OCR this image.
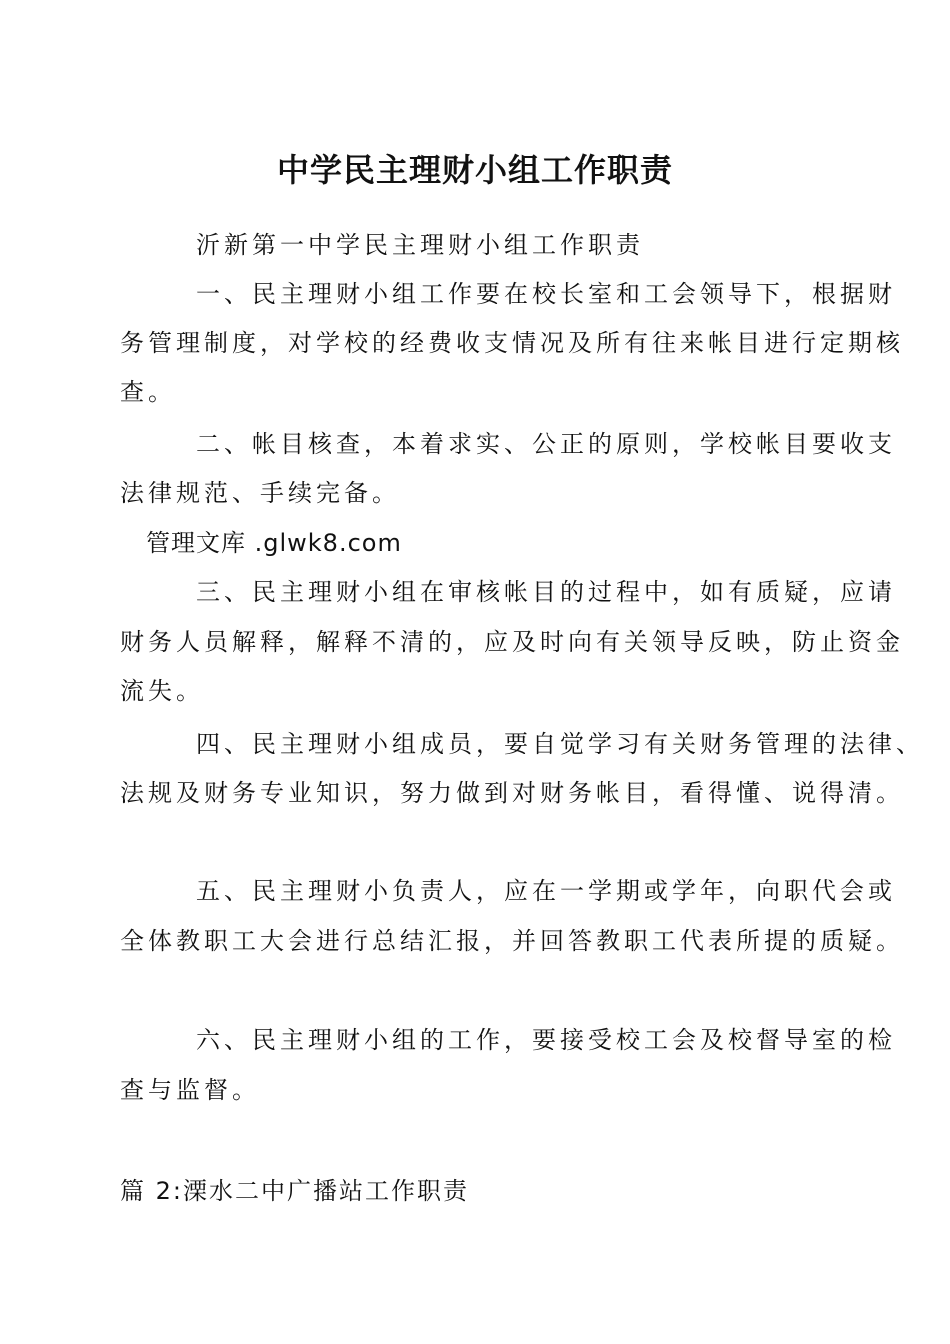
中学民主理财小组工作职责

沂新第一中学民主理财小组工作职责

一、民主理财小组工作要在校长室和工会领导下，根据财

务管理制度，对学校的经费收支情况及所有往来帐目进行定期核

查。

二、帐目核查，本着求实、公正的原则，学校帐目要收支

法律规范、手续完备。

管理文库 .glwk8.com

三、民主理财小组在审核帐目的过程中，如有质疑，应请

财务人员解释，解释不清的，应及时向有关领导反映，防止资金

流失。

四、民主理财小组成员，要自觉学习有关财务管理的法律、

法规及财务专业知识，努力做到对财务帐目，看得懂、说得清。

五、民主理财小负责人，应在一学期或学年，向职代会或

全体教职工大会进行总结汇报，并回答教职工代表所提的质疑。

六、民主理财小组的工作，要接受校工会及校督导室的检

查与监督。

篇 2:溧水二中广播站工作职责
